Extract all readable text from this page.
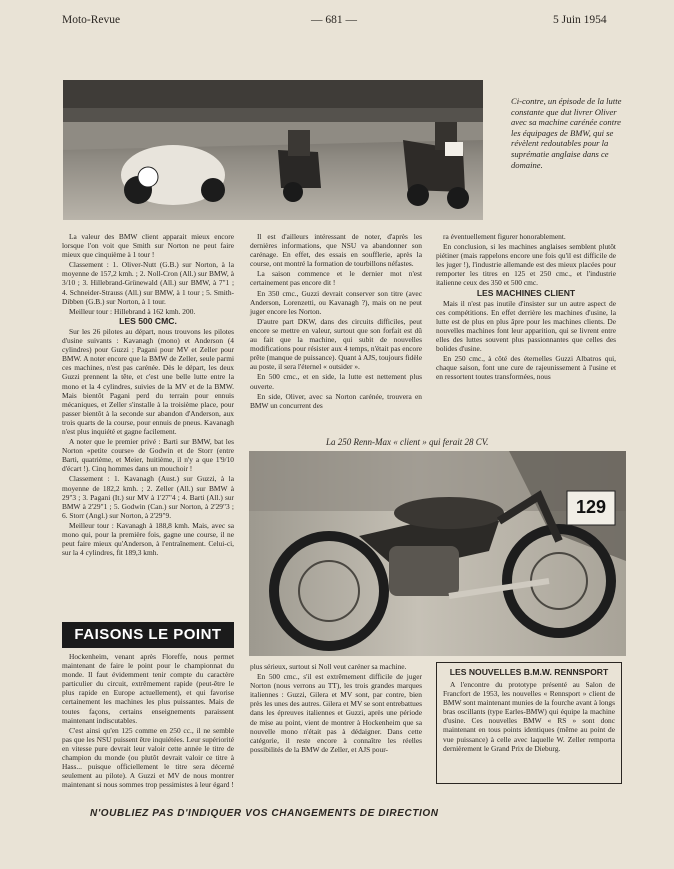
Moto-Revue	— 681 —	5 Juin 1954
Ci-contre, un épisode de la lutte constante que dut livrer Oliver avec sa machine carénée contre les équipages de BMW, qui se révèlent redoutables pour la suprématie anglaise dans ce domaine.

La valeur des BMW client apparait mieux encore lorsque l'on voit que Smith sur Norton ne peut faire mieux que cinquième à 1 tour !

Classement : 1. Oliver-Nutt (G.B.) sur Norton, à la moyenne de 157,2 kmh. ; 2. Noll-Cron (All.) sur BMW, à 3/10 ; 3. Hillebrand-Grünewald (All.) sur BMW, à 7"1 ; 4. Schneider-Strauss (All.) sur BMW, à 1 tour ; 5. Smith-Dibben (G.B.) sur Norton, à 1 tour.

Meilleur tour : Hillebrand à 162 kmh. 200.

LES 500 CMC.

Sur les 26 pilotes au départ, nous trouvons les pilotes d'usine suivants : Kavanagh (mono) et Anderson (4 cylindres) pour Guzzi ; Pagani pour MV et Zeller pour BMW. A noter encore que la BMW de Zeller, seule parmi ces machines, n'est pas carénée. Dès le départ, les deux Guzzi prennent la tête, et c'est une belle lutte entre la mono et la 4 cylindres, suivies de la MV et de la BMW. Mais bientôt Pagani perd du terrain pour ennuis mécaniques, et Zeller s'installe à la troisième place, pour passer bientôt à la seconde sur abandon d'Anderson, aux trois quarts de la course, pour ennuis de pneus. Kavanagh n'est plus inquiété et gagne facilement.

A noter que le premier privé : Barti sur BMW, bat les Norton «petite course» de Godwin et de Storr (entre Barti, quatrième, et Meier, huitième, il n'y a que 1'9/10 d'écart !). Cinq hommes dans un mouchoir !

Classement : 1. Kavanagh (Aust.) sur Guzzi, à la moyenne de 182,2 kmh. ; 2. Zeller (All.) sur BMW à 29"3 ; 3. Pagani (It.) sur MV à 1'27"4 ; 4. Barti (All.) sur BMW à 2'29"1 ; 5. Godwin (Can.) sur Norton, à 2'29"3 ; 6. Storr (Angl.) sur Norton, à 2'29"9.

Meilleur tour : Kavanagh à 188,8 kmh. Mais, avec sa mono qui, pour la première fois, gagne une course, il ne peut faire mieux qu'Anderson, à l'entraînement. Celui-ci, sur la 4 cylindres, fit 189,3 kmh.

FAISONS LE POINT

Hockenheim, venant après Floreffe, nous permet maintenant de faire le point pour le championnat du monde. Il faut évidemment tenir compte du caractère particulier du circuit, extrêmement rapide (peut-être le plus rapide en Europe actuellement), et qui favorise certainement les machines les plus puissantes. Mais de toutes façons, certains enseignements paraissent maintenant indiscutables.

C'est ainsi qu'en 125 comme en 250 cc., il ne semble pas que les NSU puissent être inquiétées. Leur supériorité en vitesse pure devrait leur valoir cette année le titre de champion du monde (ou plutôt devrait valoir ce titre à Hass... puisque officiellement le titre sera décerné seulement au pilote). A Guzzi et MV de nous montrer maintenant si nous sommes trop pessimistes à leur égard !

Il est d'ailleurs intéressant de noter, d'après les dernières informations, que NSU va abandonner son carénage. En effet, des essais en soufflerie, après la course, ont montré la formation de tourbillons néfastes.

La saison commence et le dernier mot n'est certainement pas encore dit !

En 350 cmc., Guzzi devrait conserver son titre (avec Anderson, Lorenzetti, ou Kavanagh ?), mais on ne peut juger encore les Norton.

D'autre part DKW, dans des circuits difficiles, peut encore se mettre en valeur, surtout que son forfait est dû au fait que la machine, qui subit de nouvelles modifications pour résister aux 4 temps, n'était pas encore prête (manque de puissance). Quant à AJS, toujours fidèle au poste, il sera l'éternel « outsider ».

En 500 cmc., et en side, la lutte est nettement plus ouverte.

En side, Oliver, avec sa Norton carénée, trouvera en BMW un concurrent des

ra éventuellement figurer honorablement.

En conclusion, si les machines anglaises semblent plutôt piétiner (mais rappelons encore une fois qu'il est difficile de les juger !), l'industrie allemande est des mieux placées pour remporter les titres en 125 et 250 cmc., et l'industrie italienne ceux des 350 et 500 cmc.

LES MACHINES CLIENT

Mais il n'est pas inutile d'insister sur un autre aspect de ces compétitions. En effet derrière les machines d'usine, la lutte est de plus en plus âpre pour les machines clients. De nouvelles machines font leur apparition, qui se livrent entre elles des luttes souvent plus passionnantes que celles des bolides d'usine.

En 250 cmc., à côté des éternelles Guzzi Albatros qui, chaque saison, font une cure de rajeunissement à l'usine et en ressortent toutes transformées, nous

La 250 Renn-Max « client » qui ferait 28 CV.
129

plus sérieux, surtout si Noll veut caréner sa machine.

En 500 cmc., s'il est extrêmement difficile de juger Norton (nous verrons au TT), les trois grandes marques italiennes : Guzzi, Gilera et MV sont, par contre, bien près les unes des autres. Gilera et MV se sont entrebattues dans les épreuves italiennes et Guzzi, après une période de mise au point, vient de montrer à Hockenheim que sa nouvelle mono n'était pas à dédaigner. Dans cette catégorie, il reste encore à connaître les réelles possibilités de la BMW de Zeller, et AJS pour-

LES NOUVELLES B.M.W. RENNSPORT

A l'encontre du prototype présenté au Salon de Francfort de 1953, les nouvelles « Rennsport » client de BMW sont maintenant munies de la fourche avant à longs bras oscillants (type Earles-BMW) qui équipe la machine d'usine. Ces nouvelles BMW « RS » sont donc maintenant en tous points identiques (même au point de vue puissance) à celle avec laquelle W. Zeller remporta dernièrement le Grand Prix de Dieburg.

N'OUBLIEZ PAS D'INDIQUER VOS CHANGEMENTS DE DIRECTION
